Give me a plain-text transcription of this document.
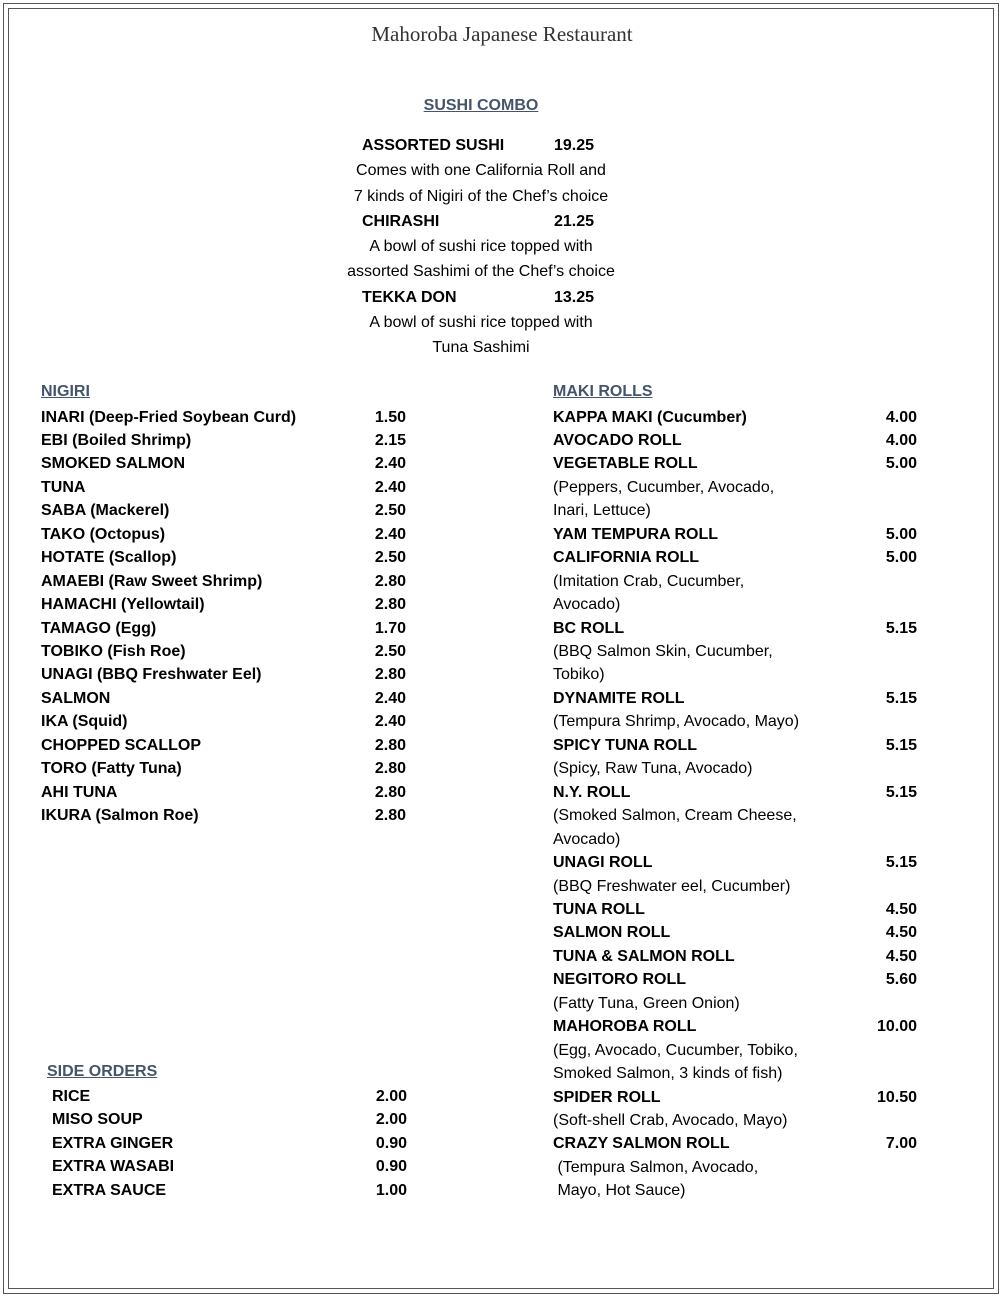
Mahoroba Japanese Restaurant
SUSHI COMBO
ASSORTED SUSHI	19.25
Comes with one California Roll and
7 kinds of Nigiri of the Chef’s choice
CHIRASHI	21.25
A bowl of sushi rice topped with
assorted Sashimi of the Chef’s choice
TEKKA DON	13.25
A bowl of sushi rice topped with
Tuna Sashimi
NIGIRI
INARI (Deep-Fried Soybean Curd)	1.50
EBI (Boiled Shrimp)	2.15
SMOKED SALMON	2.40
TUNA	2.40
SABA (Mackerel)	2.50
TAKO (Octopus)	2.40
HOTATE (Scallop)	2.50
AMAEBI (Raw Sweet Shrimp)	2.80
HAMACHI (Yellowtail)	2.80
TAMAGO (Egg)	1.70
TOBIKO (Fish Roe)	2.50
UNAGI (BBQ Freshwater Eel)	2.80
SALMON	2.40
IKA (Squid)	2.40
CHOPPED SCALLOP	2.80
TORO (Fatty Tuna)	2.80
AHI TUNA	2.80
IKURA (Salmon Roe)	2.80
SIDE ORDERS
RICE	2.00
MISO SOUP	2.00
EXTRA GINGER	0.90
EXTRA WASABI	0.90
EXTRA SAUCE	1.00
MAKI ROLLS
KAPPA MAKI (Cucumber)	4.00
AVOCADO ROLL	4.00
VEGETABLE ROLL	5.00
(Peppers, Cucumber, Avocado,
Inari, Lettuce)
YAM TEMPURA ROLL	5.00
CALIFORNIA ROLL	5.00
(Imitation Crab, Cucumber,
Avocado)
BC ROLL	5.15
(BBQ Salmon Skin, Cucumber,
Tobiko)
DYNAMITE ROLL	5.15
(Tempura Shrimp, Avocado, Mayo)
SPICY TUNA ROLL	5.15
(Spicy, Raw Tuna, Avocado)
N.Y. ROLL	5.15
(Smoked Salmon, Cream Cheese,
Avocado)
UNAGI ROLL	5.15
(BBQ Freshwater eel, Cucumber)
TUNA ROLL	4.50
SALMON ROLL	4.50
TUNA & SALMON ROLL	4.50
NEGITORO ROLL	5.60
(Fatty Tuna, Green Onion)
MAHOROBA ROLL	10.00
(Egg, Avocado, Cucumber, Tobiko,
Smoked Salmon, 3 kinds of fish)
SPIDER ROLL	10.50
(Soft-shell Crab, Avocado, Mayo)
CRAZY SALMON ROLL	7.00
(Tempura Salmon, Avocado,
Mayo, Hot Sauce)
